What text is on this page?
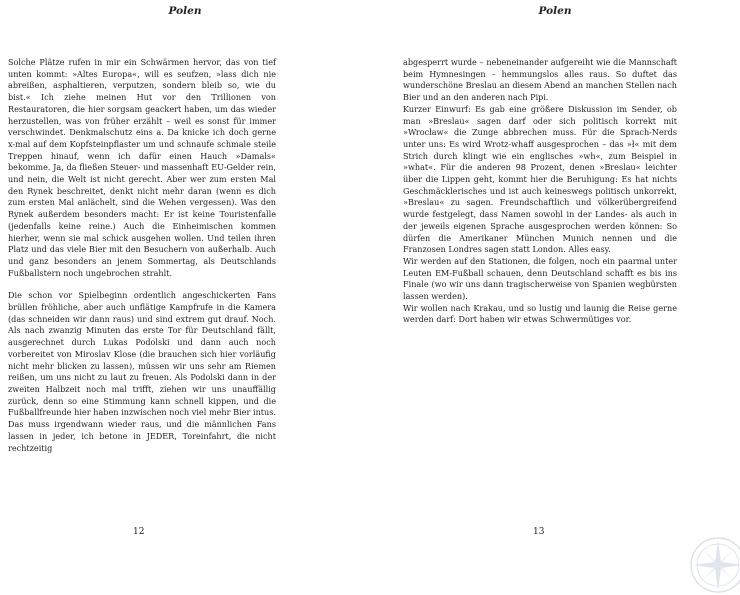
Polen

Solche Plätze rufen in mir ein Schwärmen hervor, das von tief unten kommt: »Altes Europa«, will es seufzen, »lass dich nie abreißen, asphaltieren, verputzen, sondern bleib so, wie du bist.« Ich ziehe meinen Hut vor den Trillionen von Restauratoren, die hier sorgsam geackert haben, um das wieder herzustellen, was von früher erzählt – weil es sonst für immer verschwindet. Denkmalschutz eins a. Da knicke ich doch gerne x-mal auf dem Kopfsteinpflaster um und schnaufe schmale steile Treppen hinauf, wenn ich dafür einen Hauch »Damals« bekomme. Ja, da fließen Steuer- und massenhaft EU-Gelder rein, und nein, die Welt ist nicht gerecht. Aber wer zum ersten Mal den Rynek beschreitet, denkt nicht mehr daran (wenn es dich zum ersten Mal anlächelt, sind die Wehen vergessen). Was den Rynek außerdem besonders macht: Er ist keine Touristenfalle (jedenfalls keine reine.) Auch die Einheimischen kommen hierher, wenn sie mal schick ausgehen wollen. Und teilen ihren Platz und das viele Bier mit den Besuchern von außerhalb. Auch und ganz besonders an jenem Sommertag, als Deutschlands Fußballstern noch ungebrochen strahlt.

Die schon vor Spielbeginn ordentlich angeschickerten Fans brüllen fröhliche, aber auch unflätige Kampfrufe in die Kamera (das schneiden wir dann raus) und sind extrem gut drauf. Noch. Als nach zwanzig Minuten das erste Tor für Deutschland fällt, ausgerechnet durch Lukas Podolski und dann auch noch vorbereitet von Miroslav Klose (die brauchen sich hier vorläufig nicht mehr blicken zu lassen), müssen wir uns sehr am Riemen reißen, um uns nicht zu laut zu freuen. Als Podolski dann in der zweiten Halbzeit noch mal trifft, ziehen wir uns unauffällig zurück, denn so eine Stimmung kann schnell kippen, und die Fußballfreunde hier haben inzwischen noch viel mehr Bier intus. Das muss irgendwann wieder raus, und die männlichen Fans lassen in jeder, ich betone in JEDER, Toreinfahrt, die nicht rechtzeitig

12
Polen

abgesperrt wurde – nebeneinander aufgereiht wie die Mannschaft beim Hymnesingen – hemmungslos alles raus. So duftet das wunderschöne Breslau an diesem Abend an manchen Stellen nach Bier und an den anderen nach Pipi.

Kurzer Einwurf: Es gab eine größere Diskussion im Sender, ob man »Breslau« sagen darf oder sich politisch korrekt mit »Wrocław« die Zunge abbrechen muss. Für die Sprach-Nerds unter uns: Es wird Wrotz-whaff ausgesprochen – das »ł« mit dem Strich durch klingt wie ein englisches »wh«, zum Beispiel in »what«. Für die anderen 98 Prozent, denen »Breslau« leichter über die Lippen geht, kommt hier die Beruhigung: Es hat nichts Geschmäcklerisches und ist auch keineswegs politisch unkorrekt, »Breslau« zu sagen. Freundschaftlich und völkerübergreifend wurde festgelegt, dass Namen sowohl in der Landes- als auch in der jeweils eigenen Sprache ausgesprochen werden können: So dürfen die Amerikaner München Munich nennen und die Franzosen Londres sagen statt London. Alles easy.

Wir werden auf den Stationen, die folgen, noch ein paarmal unter Leuten EM-Fußball schauen, denn Deutschland schafft es bis ins Finale (wo wir uns dann tragischerweise von Spanien wegbürsten lassen werden).

Wir wollen nach Krakau, und so lustig und launig die Reise gerne werden darf: Dort haben wir etwas Schwermütiges vor.

13
